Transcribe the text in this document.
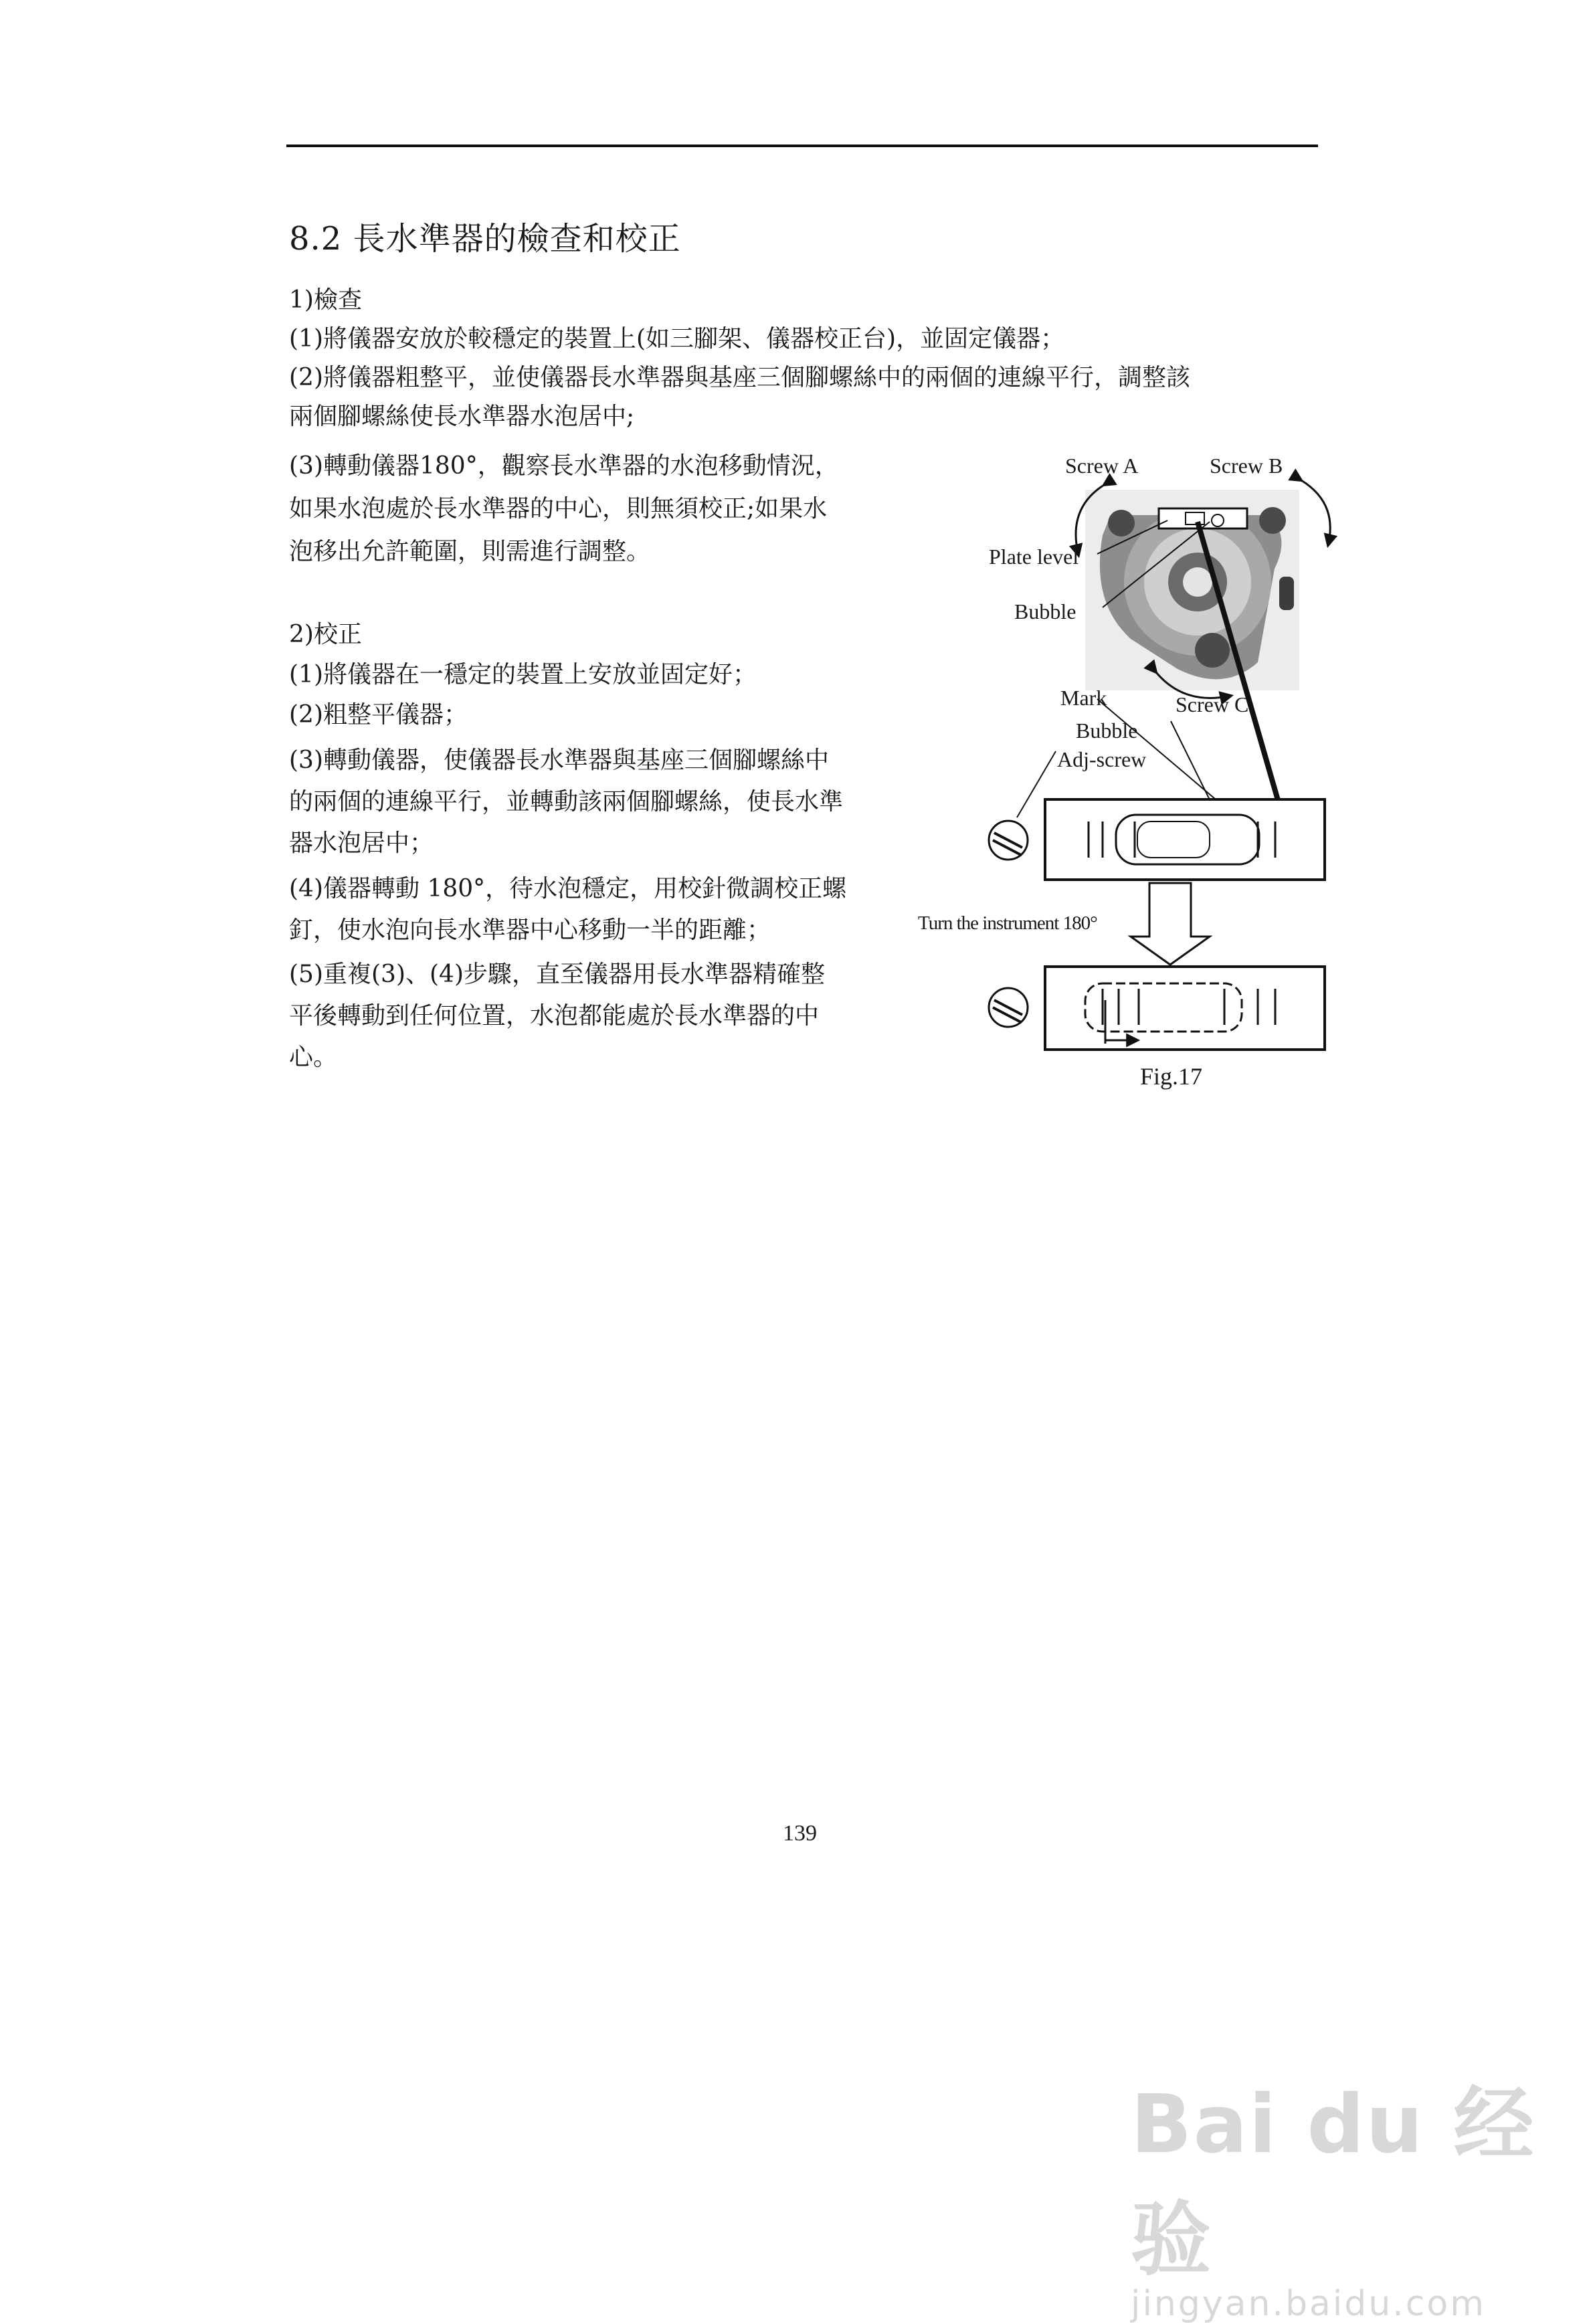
8.2 長水準器的檢查和校正
1)檢查
(1)將儀器安放於較穩定的裝置上(如三腳架、儀器校正台)，並固定儀器；
(2)將儀器粗整平，並使儀器長水準器與基座三個腳螺絲中的兩個的連線平行，調整該
兩個腳螺絲使長水準器水泡居中;
(3)轉動儀器180°，觀察長水準器的水泡移動情況，
如果水泡處於長水準器的中心，則無須校正;如果水
泡移出允許範圍，則需進行調整。
2)校正
(1)將儀器在一穩定的裝置上安放並固定好；
(2)粗整平儀器；
(3)轉動儀器，使儀器長水準器與基座三個腳螺絲中
的兩個的連線平行，並轉動該兩個腳螺絲，使長水準
器水泡居中；
(4)儀器轉動 180°，待水泡穩定，用校針微調校正螺
釘，使水泡向長水準器中心移動一半的距離；
(5)重複(3)、(4)步驟，直至儀器用長水準器精確整
平後轉動到任何位置，水泡都能處於長水準器的中
心。
Screw A	Screw B
Plate level
Bubble
Mark	Screw C
Bubble
Adj-screw
Turn the instrument 180°
Fig.17
139
Bai du 经验
jingyan.baidu.com
